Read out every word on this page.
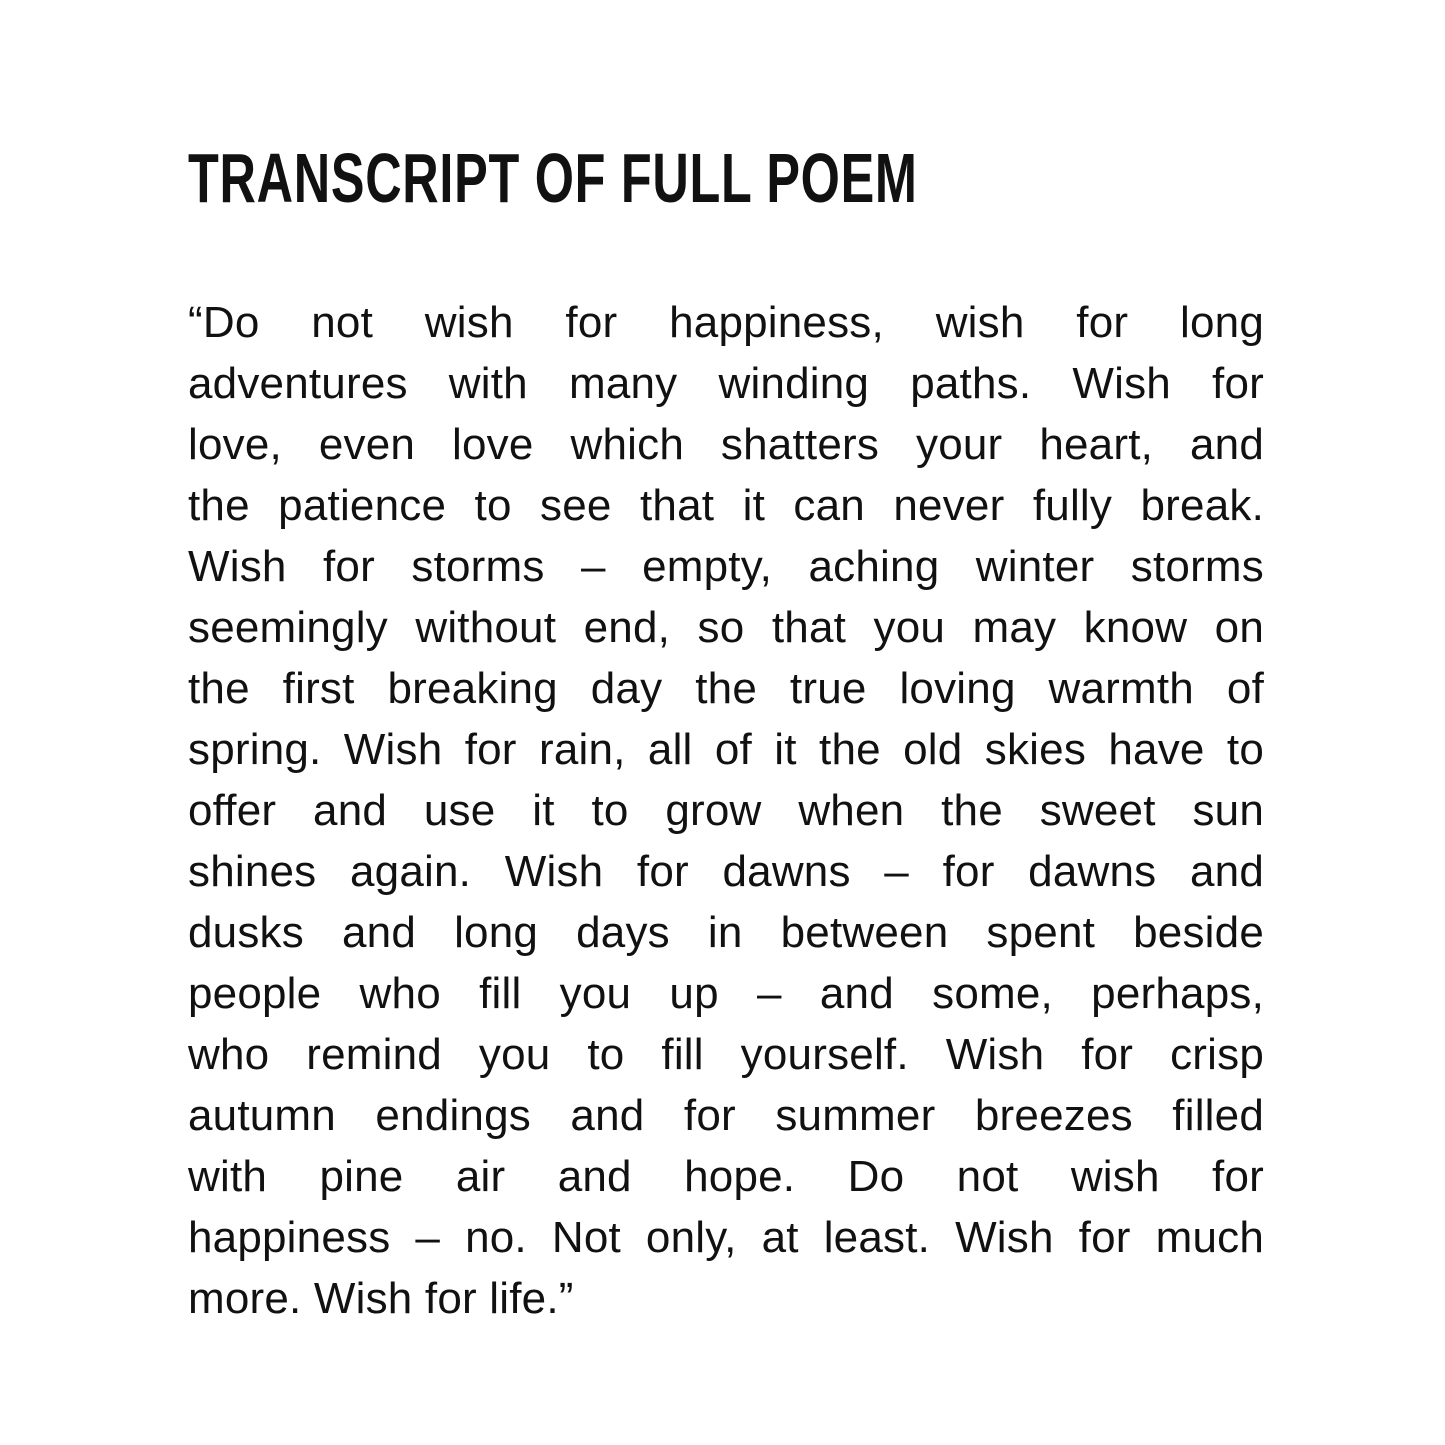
TRANSCRIPT OF FULL POEM
“Do not wish for happiness, wish for long
adventures with many winding paths. Wish for
love, even love which shatters your heart, and
the patience to see that it can never fully break.
Wish for storms – empty, aching winter storms
seemingly without end, so that you may know on
the first breaking day the true loving warmth of
spring. Wish for rain, all of it the old skies have to
offer and use it to grow when the sweet sun
shines again. Wish for dawns – for dawns and
dusks and long days in between spent beside
people who fill you up – and some, perhaps,
who remind you to fill yourself. Wish for crisp
autumn endings and for summer breezes filled
with pine air and hope. Do not wish for
happiness – no. Not only, at least. Wish for much
more. Wish for life.”
